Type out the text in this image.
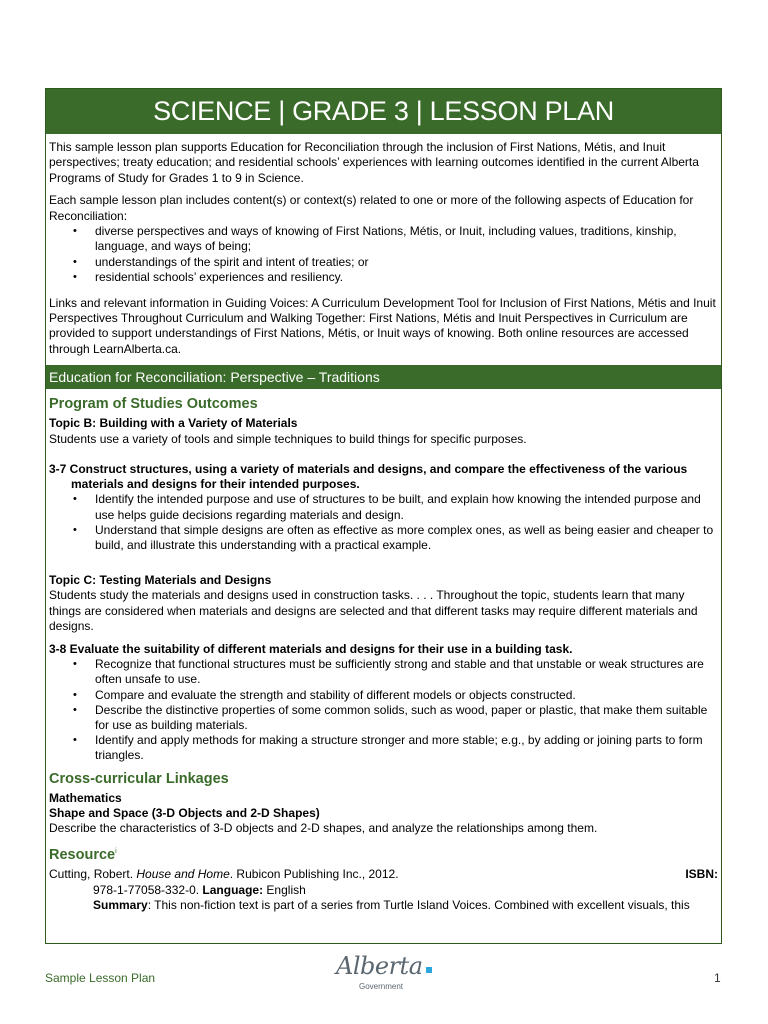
SCIENCE | GRADE 3 | LESSON PLAN

This sample lesson plan supports Education for Reconciliation through the inclusion of First Nations, Métis, and Inuit perspectives; treaty education; and residential schools’ experiences with learning outcomes identified in the current Alberta Programs of Study for Grades 1 to 9 in Science.

Each sample lesson plan includes content(s) or context(s) related to one or more of the following aspects of Education for Reconciliation:

• diverse perspectives and ways of knowing of First Nations, Métis, or Inuit, including values, traditions, kinship, language, and ways of being;
• understandings of the spirit and intent of treaties; or
• residential schools’ experiences and resiliency.

Links and relevant information in Guiding Voices: A Curriculum Development Tool for Inclusion of First Nations, Métis and Inuit Perspectives Throughout Curriculum and Walking Together: First Nations, Métis and Inuit Perspectives in Curriculum are provided to support understandings of First Nations, Métis, or Inuit ways of knowing. Both online resources are accessed through LearnAlberta.ca.

Education for Reconciliation: Perspective – Traditions
Program of Studies Outcomes
Topic B: Building with a Variety of Materials
Students use a variety of tools and simple techniques to build things for specific purposes.
3-7 Construct structures, using a variety of materials and designs, and compare the effectiveness of the various materials and designs for their intended purposes.
• Identify the intended purpose and use of structures to be built, and explain how knowing the intended purpose and use helps guide decisions regarding materials and design.
• Understand that simple designs are often as effective as more complex ones, as well as being easier and cheaper to build, and illustrate this understanding with a practical example.
Topic C: Testing Materials and Designs
Students study the materials and designs used in construction tasks. . . . Throughout the topic, students learn that many things are considered when materials and designs are selected and that different tasks may require different materials and designs.
3-8 Evaluate the suitability of different materials and designs for their use in a building task.
• Recognize that functional structures must be sufficiently strong and stable and that unstable or weak structures are often unsafe to use.
• Compare and evaluate the strength and stability of different models or objects constructed.
• Describe the distinctive properties of some common solids, such as wood, paper or plastic, that make them suitable for use as building materials.
• Identify and apply methods for making a structure stronger and more stable; e.g., by adding or joining parts to form triangles.
Cross-curricular Linkages
Mathematics
Shape and Space (3-D Objects and 2-D Shapes)
Describe the characteristics of 3-D objects and 2-D shapes, and analyze the relationships among them.
Resource$^i$
Cutting, Robert. House and Home. Rubicon Publishing Inc., 2012.	ISBN:
978-1-77058-332-0. Language: English
Summary: This non-fiction text is part of a series from Turtle Island Voices. Combined with excellent visuals, this
Sample Lesson Plan	Alberta
Government
1
